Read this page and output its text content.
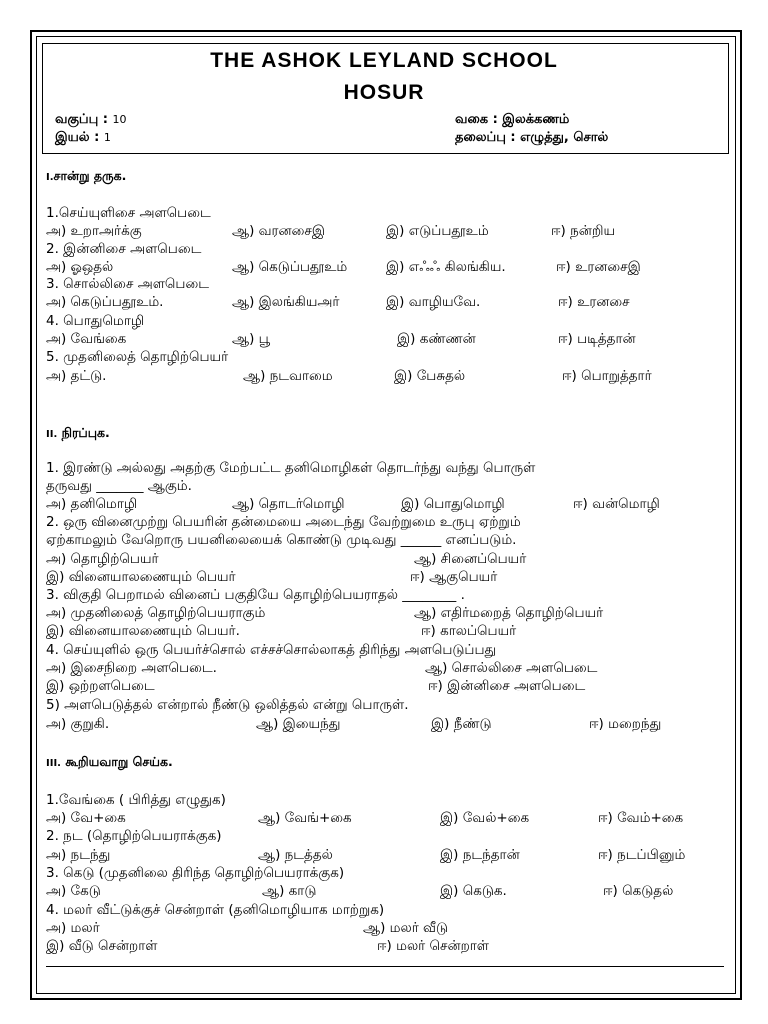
THE ASHOK LEYLAND SCHOOL
HOSUR
வகுப்பு : 10
இயல் : 1
வகை : இலக்கணம்
தலைப்பு : எழுத்து, சொல்
I.சான்று தருக.
1.செய்யுளிசை அளபெடை
அ) உறாஅர்க்கு	ஆ) வரனசைஇ	இ) எடுப்பதூஉம்	ஈ) நன்றிய
2. இன்னிசை அளபெடை
அ) ஓஒதல்	ஆ) கெடுப்பதூஉம்	இ) எஃஃ கிலங்கிய.	ஈ) உரனசைஇ
3. சொல்லிசை அளபெடை
அ) கெடுப்பதூஉம்.	ஆ) இலங்கியஅர்	இ) வாழியவே.	ஈ) உரனசை
4. பொதுமொழி
அ) வேங்கை	ஆ) பூ	இ) கண்ணன்	ஈ) படித்தான்
5. முதனிலைத் தொழிற்பெயர்
அ) தட்டு.	ஆ) நடவாமை	இ) பேசுதல்	ஈ) பொறுத்தார்
II. நிரப்புக.
1. இரண்டு அல்லது அதற்கு மேற்பட்ட தனிமொழிகள் தொடர்ந்து வந்து பொருள்
தருவது _______ ஆகும்.
அ) தனிமொழி	ஆ) தொடர்மொழி	இ) பொதுமொழி	ஈ) வன்மொழி
2. ஒரு வினைமுற்று பெயரின் தன்மையை அடைந்து வேற்றுமை உருபு ஏற்றும்
ஏற்காமலும் வேறொரு பயனிலையைக் கொண்டு முடிவது ______ எனப்படும்.
அ) தொழிற்பெயர்	ஆ) சினைப்பெயர்
இ) வினையாலணையும் பெயர்	ஈ) ஆகுபெயர்
3. விகுதி பெறாமல் வினைப் பகுதியே தொழிற்பெயராதல் ________ .
அ) முதனிலைத் தொழிற்பெயராகும்	ஆ) எதிர்மறைத் தொழிற்பெயர்
இ) வினையாலணையும் பெயர்.	ஈ) காலப்பெயர்
4. செய்யுளில் ஒரு பெயர்ச்சொல் எச்சச்சொல்லாகத் திரிந்து அளபெடுப்பது
அ) இசைநிறை அளபெடை.	ஆ) சொல்லிசை அளபெடை
இ) ஒற்றளபெடை	ஈ) இன்னிசை அளபெடை
5) அளபெடுத்தல் என்றால் நீண்டு ஒலித்தல் என்று பொருள்.
அ) குறுகி.	ஆ) இயைந்து	இ) நீண்டு	ஈ) மறைந்து
III. கூறியவாறு செய்க.
1.வேங்கை ( பிரித்து எழுதுக)
அ) வே+கை	ஆ) வேங்+கை	இ) வேல்+கை	ஈ) வேம்+கை
2. நட (தொழிற்பெயராக்குக)
அ) நடந்து	ஆ) நடத்தல்	இ) நடந்தான்	ஈ) நடப்பினும்
3. கெடு (முதனிலை திரிந்த தொழிற்பெயராக்குக)
அ) கேடு	ஆ) காடு	இ) கெடுக.	ஈ) கெடுதல்
4. மலர் வீட்டுக்குச் சென்றாள் (தனிமொழியாக மாற்றுக)
அ) மலர்	ஆ) மலர் வீடு
இ) வீடு சென்றாள்	ஈ) மலர் சென்றாள்
